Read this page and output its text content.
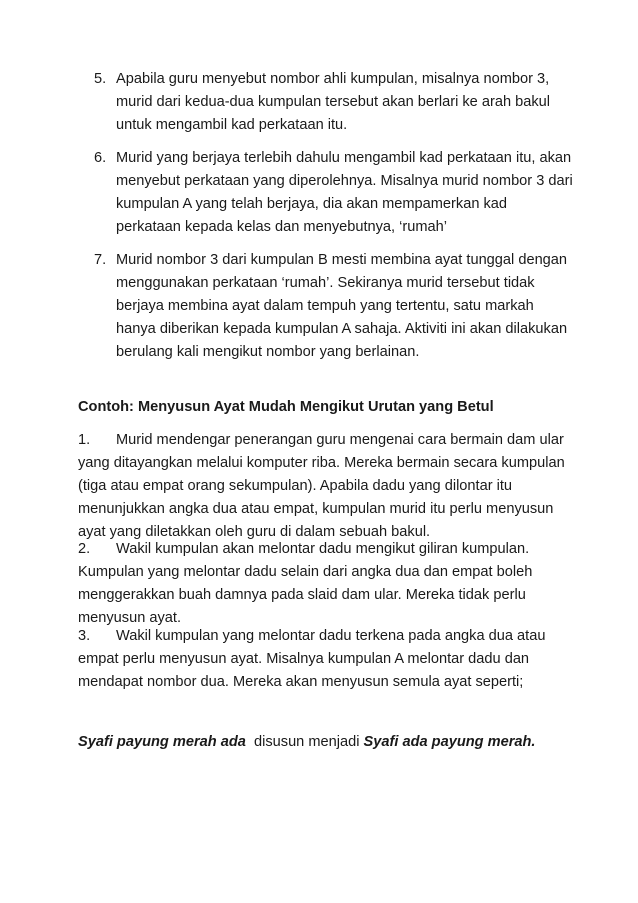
5. Apabila guru menyebut nombor ahli kumpulan, misalnya nombor 3, murid dari kedua-dua kumpulan tersebut akan berlari ke arah bakul untuk mengambil kad perkataan itu.
6. Murid yang berjaya terlebih dahulu mengambil kad perkataan itu, akan menyebut perkataan yang diperolehnya. Misalnya murid nombor 3 dari kumpulan A yang telah berjaya, dia akan mempamerkan kad perkataan kepada kelas dan menyebutnya, ‘rumah’
7. Murid nombor 3 dari kumpulan B mesti membina ayat tunggal dengan menggunakan perkataan ‘rumah’. Sekiranya murid tersebut tidak berjaya membina ayat dalam tempuh yang tertentu, satu markah hanya diberikan kepada kumpulan A sahaja. Aktiviti ini akan dilakukan berulang kali mengikut nombor yang berlainan.
Contoh: Menyusun Ayat Mudah Mengikut Urutan yang Betul
1. Murid mendengar penerangan guru mengenai cara bermain dam ular yang ditayangkan melalui komputer riba. Mereka bermain secara kumpulan (tiga atau empat orang sekumpulan). Apabila dadu yang dilontar itu menunjukkan angka dua atau empat, kumpulan murid itu perlu menyusun ayat yang diletakkan oleh guru di dalam sebuah bakul.
2. Wakil kumpulan akan melontar dadu mengikut giliran kumpulan. Kumpulan yang melontar dadu selain dari angka dua dan empat boleh menggerakkan buah damnya pada slaid dam ular. Mereka tidak perlu menyusun ayat.
3. Wakil kumpulan yang melontar dadu terkena pada angka dua atau empat perlu menyusun ayat. Misalnya kumpulan A melontar dadu dan mendapat nombor dua. Mereka akan menyusun semula ayat seperti;
Syafi payung merah ada  disusun menjadi Syafi ada payung merah.
